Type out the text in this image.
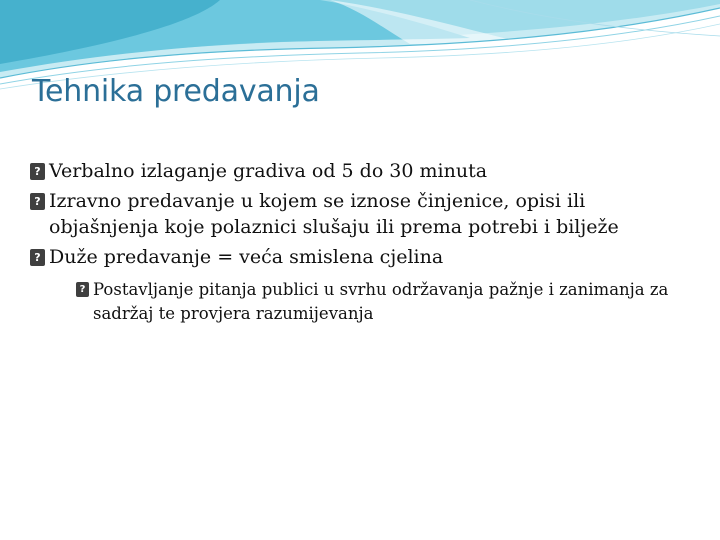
Tehnika predavanja
? Verbalno izlaganje gradiva od 5 do 30 minuta
? Izravno predavanje u kojem se iznose činjenice, opisi ili objašnjenja koje polaznici slušaju ili prema potrebi i bilježe
? Duže predavanje = veća smislena cjelina
? Postavljanje pitanja publici u svrhu održavanja pažnje i zanimanja za sadržaj te provjera razumijevanja
